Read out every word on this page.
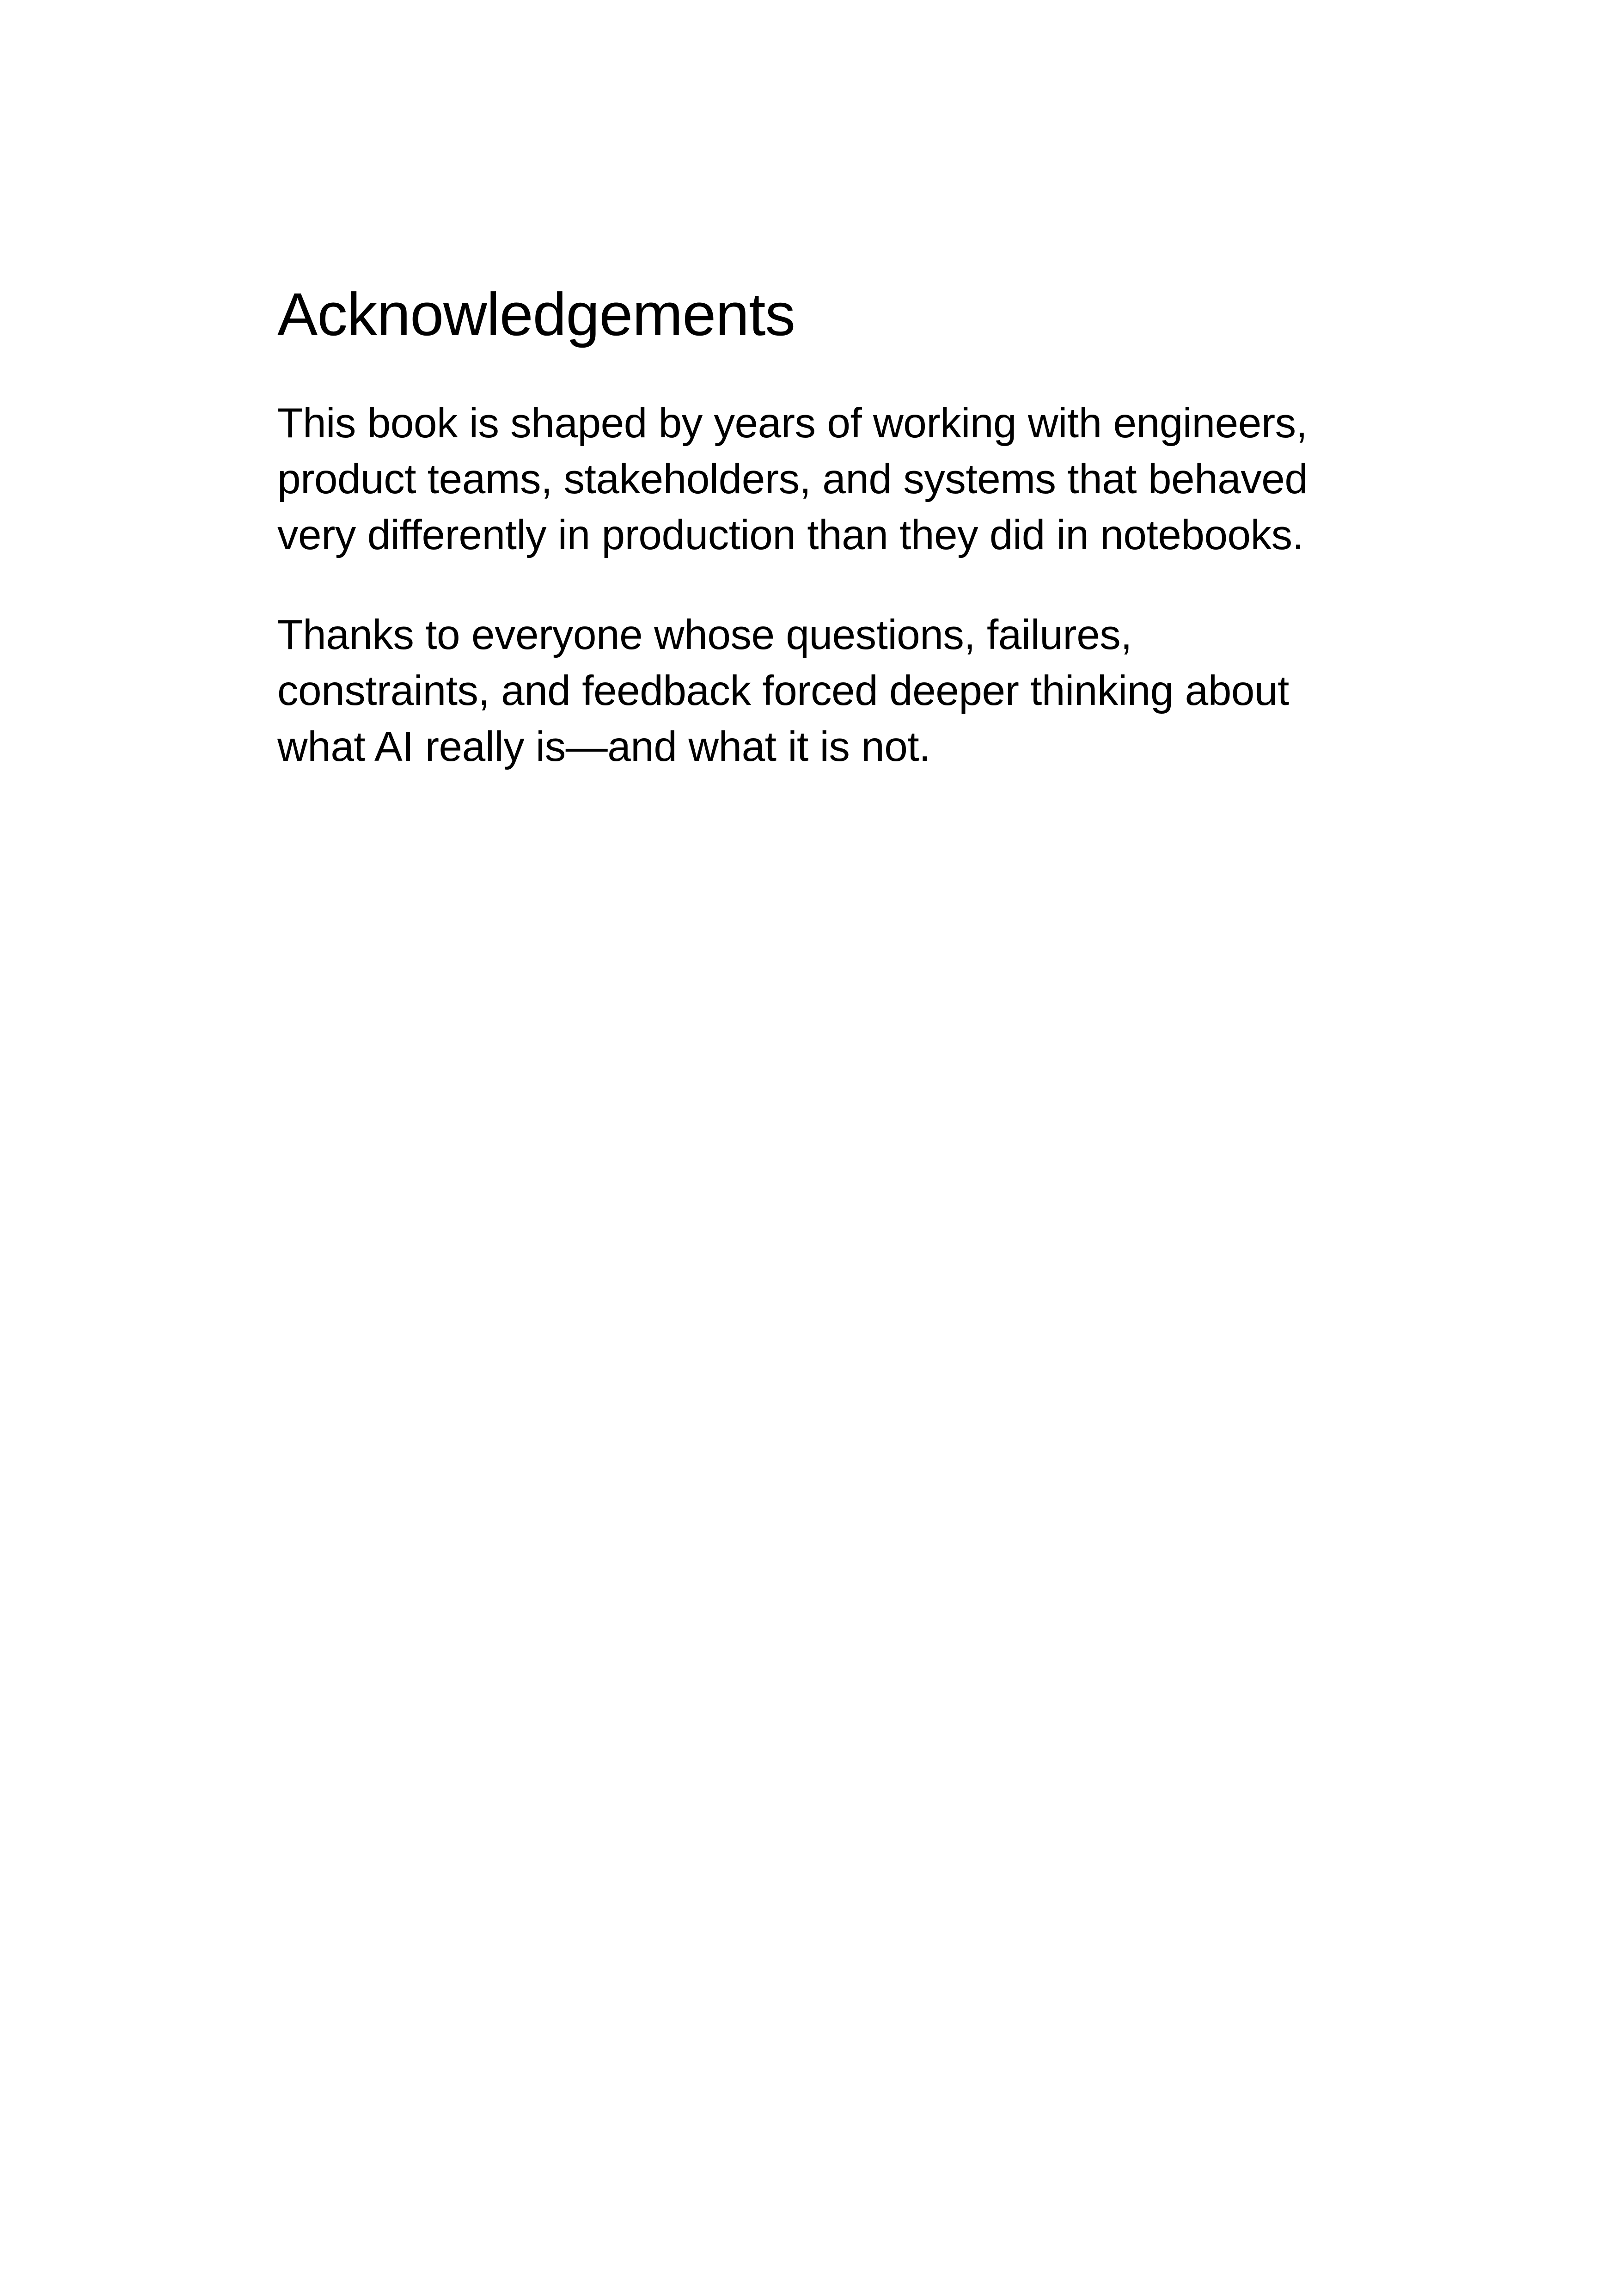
Acknowledgements

This book is shaped by years of working with engineers,
product teams, stakeholders, and systems that behaved
very differently in production than they did in notebooks.

Thanks to everyone whose questions, failures,
constraints, and feedback forced deeper thinking about
what AI really is—and what it is not.
